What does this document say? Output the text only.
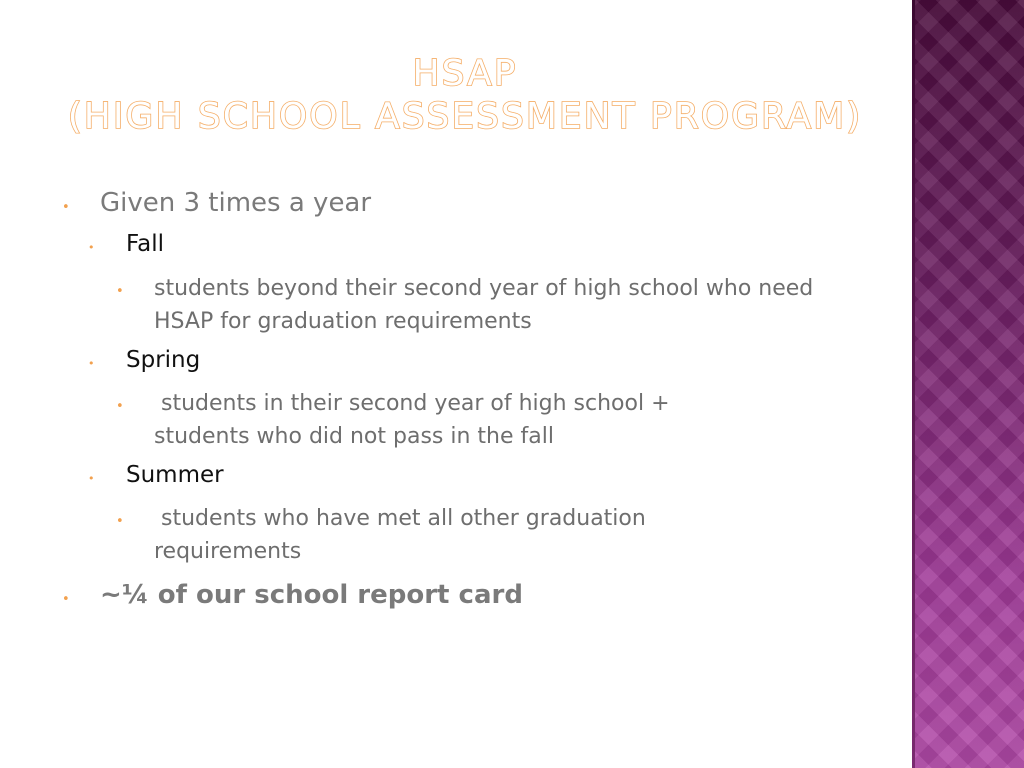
HSAP
(HIGH SCHOOL ASSESSMENT PROGRAM)
•	Given 3 times a year
•	Fall
•	students beyond their second year of high school who need HSAP for graduation requirements
•	Spring
•	students in their second year of high school + students who did not pass in the fall
•	Summer
•	students who have met all other graduation requirements
•	~¼ of our school report card
